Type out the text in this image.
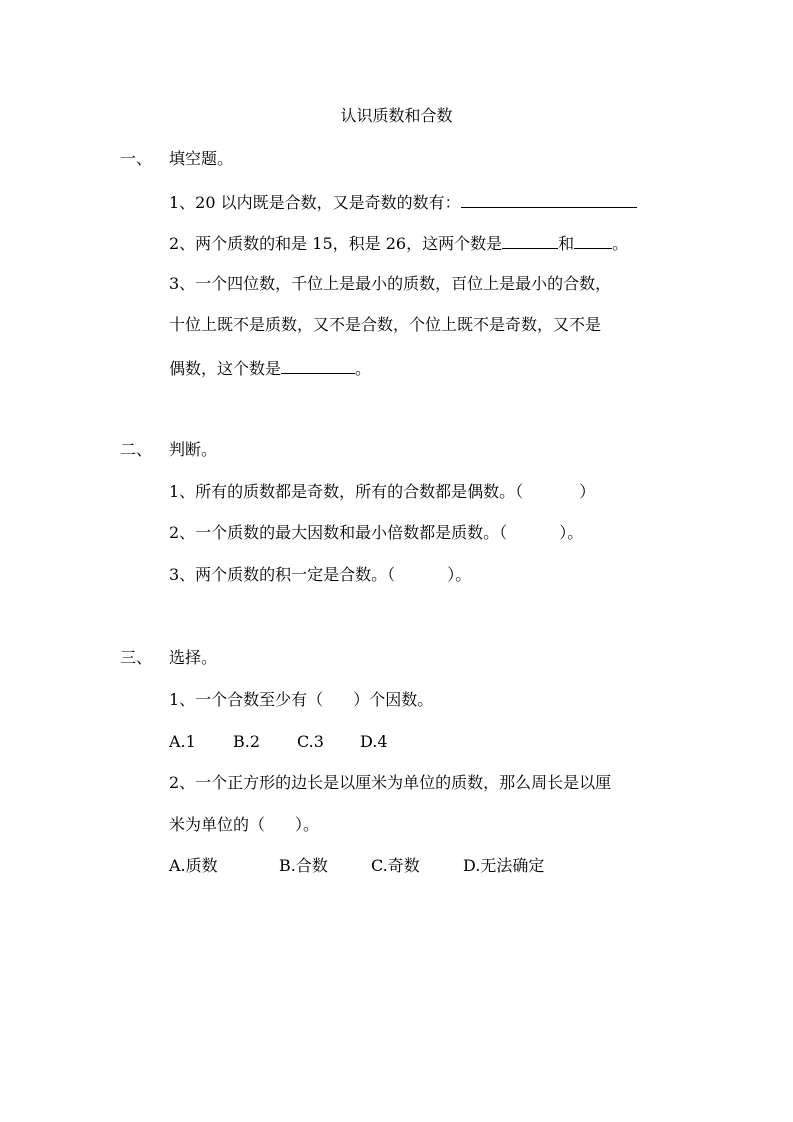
认识质数和合数
一、 填空题。
1、20 以内既是合数，又是奇数的数有：
2、两个质数的和是 15，积是 26，这两个数是	和 。
3、一个四位数，千位上是最小的质数，百位上是最小的合数，
十位上既不是质数，又不是合数，个位上既不是奇数，又不是
偶数，这个数是	。
二、 判断。
1、所有的质数都是奇数，所有的合数都是偶数。（	）
2、一个质数的最大因数和最小倍数都是质数。（	）。
3、两个质数的积一定是合数。（	）。
三、 选择。
1、一个合数至少有（ ）个因数。
A.1 B.2 C.3 D.4
2、一个正方形的边长是以厘米为单位的质数，那么周长是以厘
米为单位的（ ）。
A.质数	B.合数	C.奇数	D.无法确定
